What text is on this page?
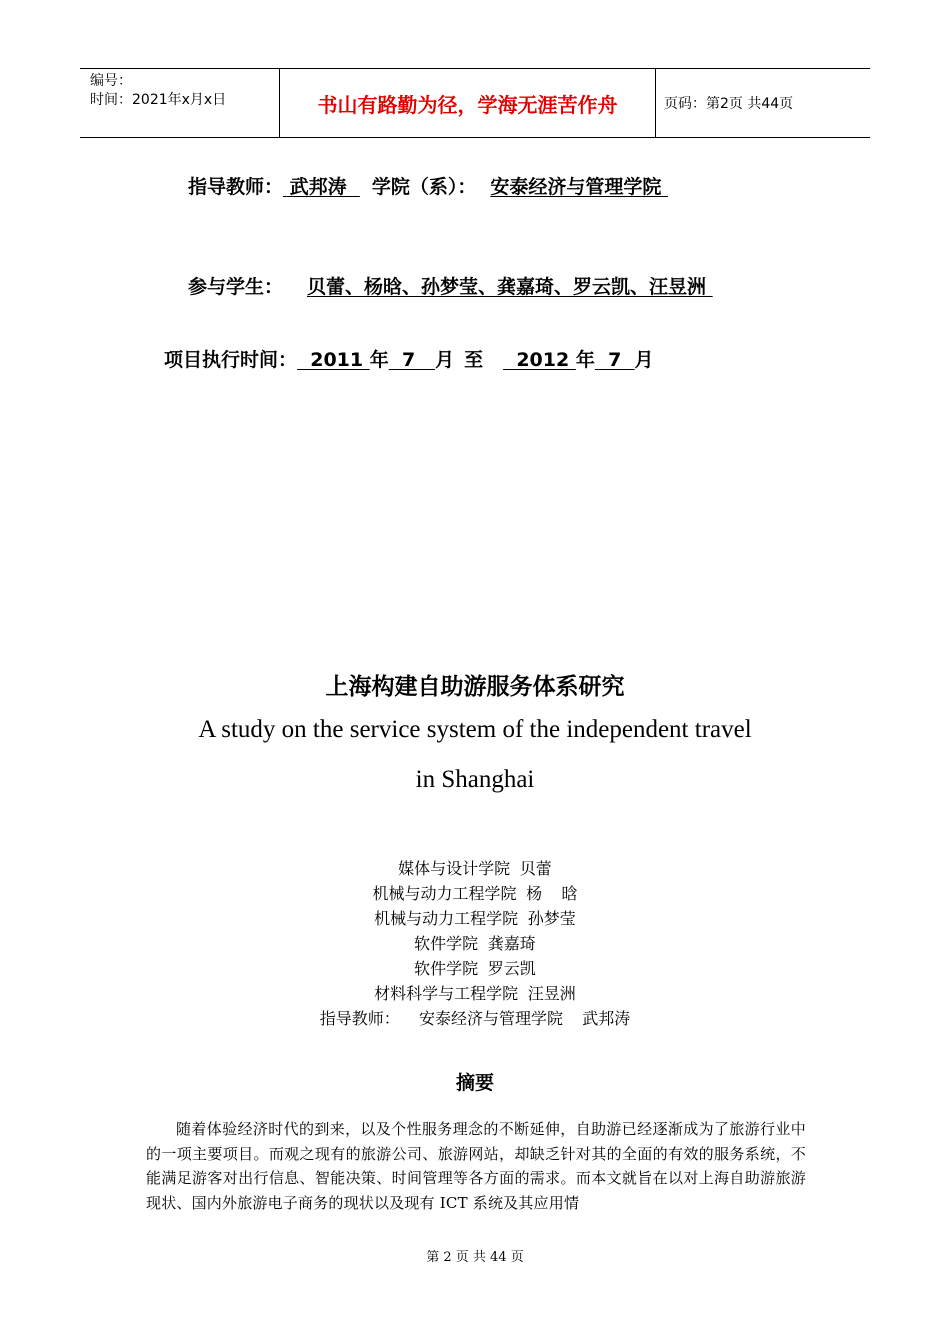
编号：
时间：2021年x月x日	书山有路勤为径，学海无涯苦作舟	页码：第2页 共44页
指导教师： 武邦涛  学院（系）： 安泰经济与管理学院
参与学生： 贝蕾、杨晗、孙梦莹、龚嘉琦、罗云凯、汪昱洲
项目执行时间：  2011 年  7   月 至  2012 年  7  月
上海构建自助游服务体系研究
A study on the service system of the independent travel
in Shanghai
媒体与设计学院 贝蕾
机械与动力工程学院 杨  晗
机械与动力工程学院 孙梦莹
软件学院 龚嘉琦
软件学院 罗云凯
材料科学与工程学院 汪昱洲
指导教师：  安泰经济与管理学院  武邦涛
摘要
随着体验经济时代的到来，以及个性服务理念的不断延伸，自助游已经逐渐成为了旅游行业中的一项主要项目。而观之现有的旅游公司、旅游网站，却缺乏针对其的全面的有效的服务系统，不能满足游客对出行信息、智能决策、时间管理等各方面的需求。而本文就旨在以对上海自助游旅游现状、国内外旅游电子商务的现状以及现有 ICT 系统及其应用情
第 2 页 共 44 页
